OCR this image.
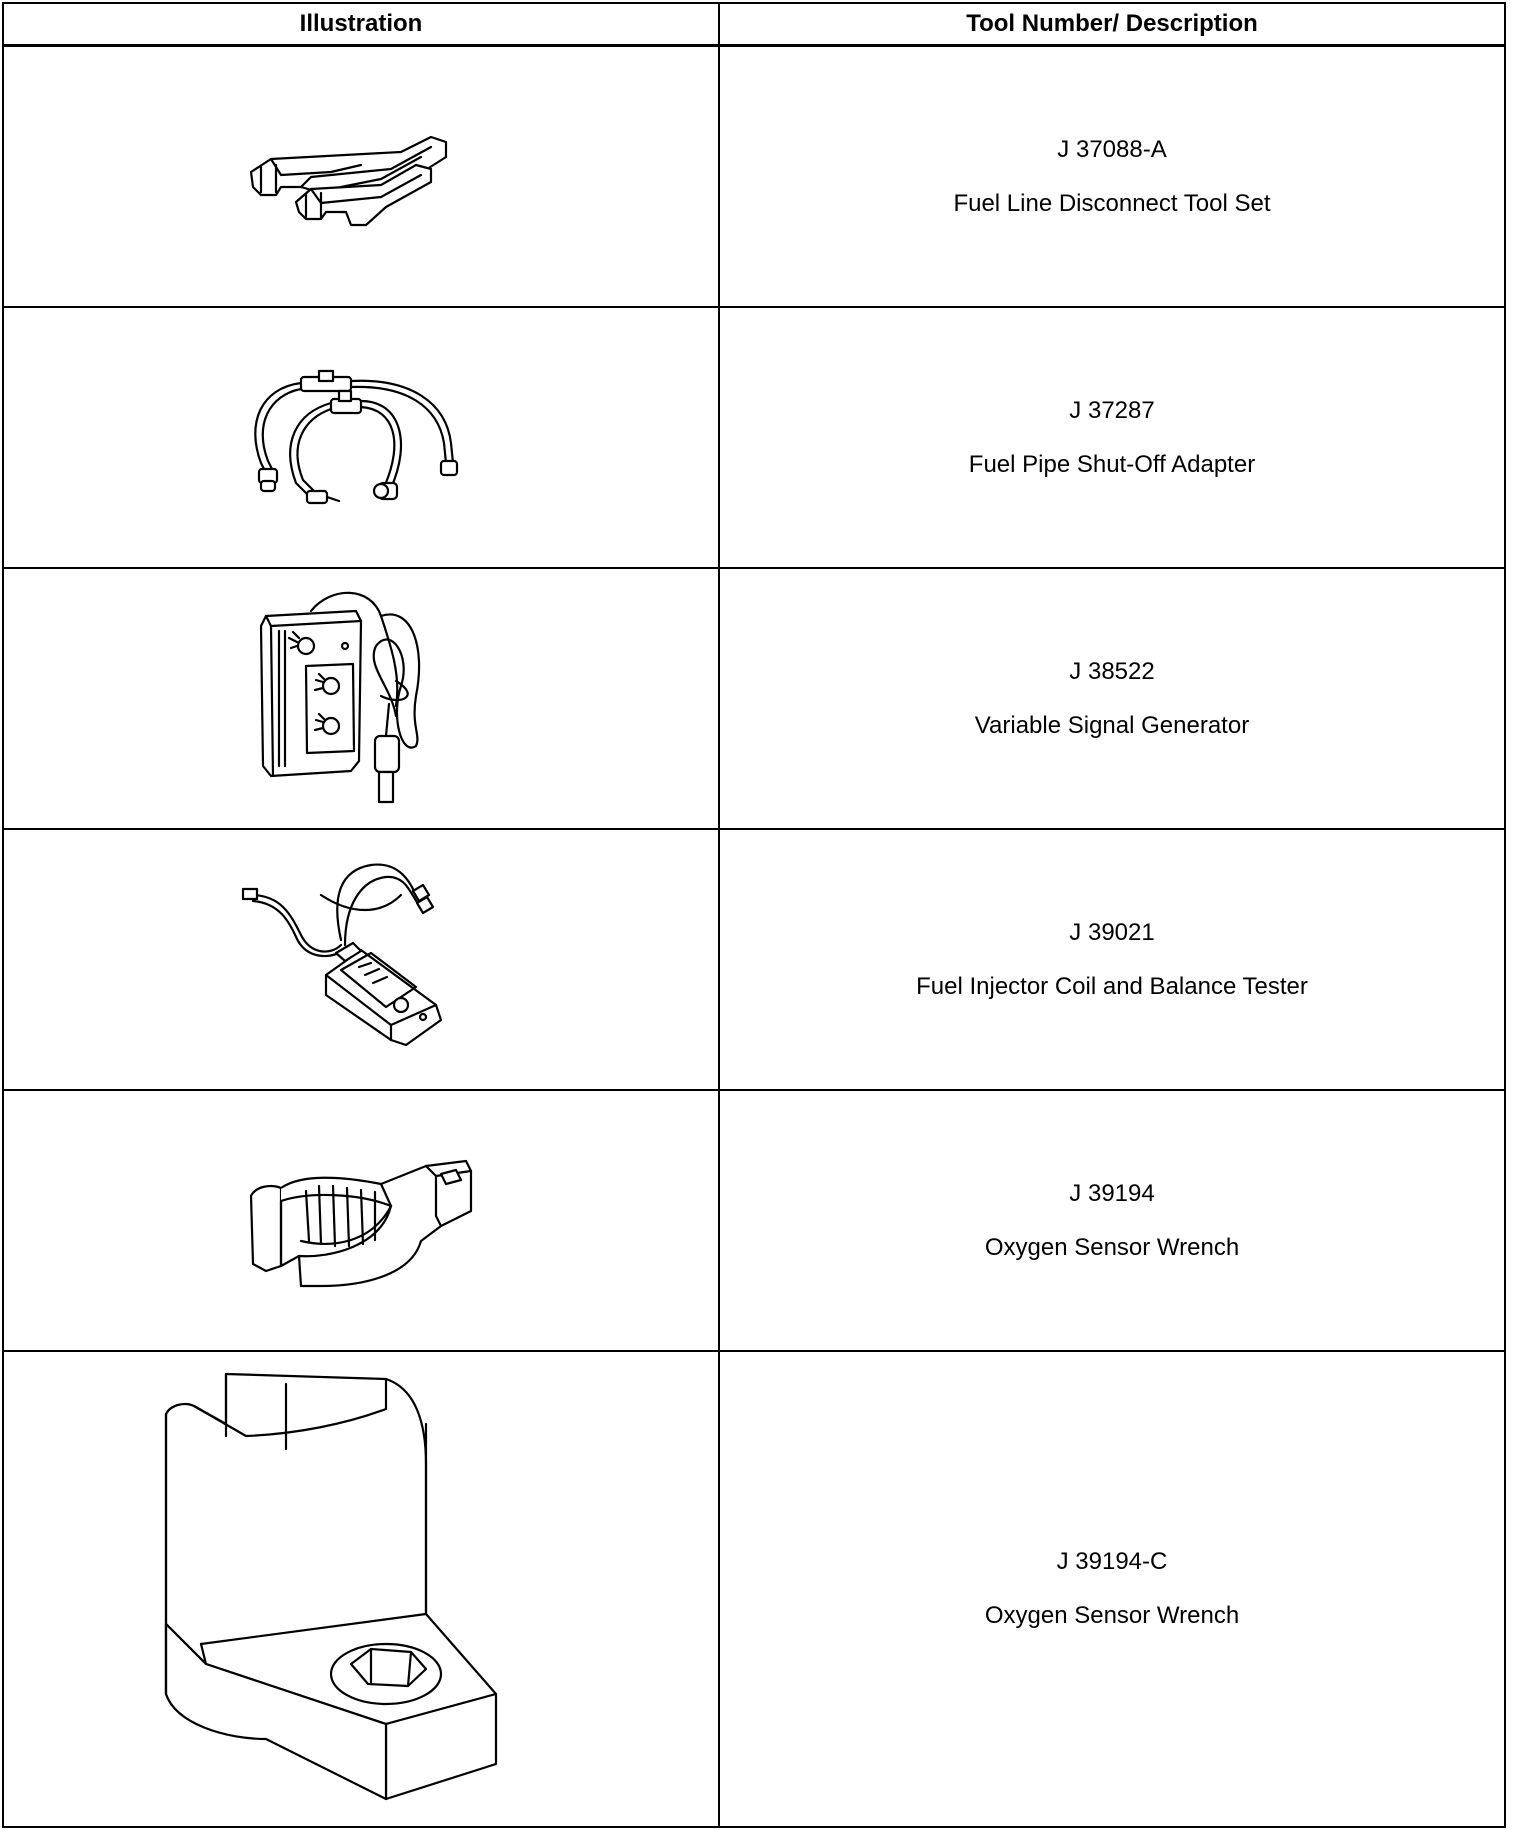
Illustration	Tool Number/ Description

J 37088-A
Fuel Line Disconnect Tool Set

J 37287
Fuel Pipe Shut-Off Adapter

J 38522
Variable Signal Generator

J 39021
Fuel Injector Coil and Balance Tester

J 39194
Oxygen Sensor Wrench

J 39194-C
Oxygen Sensor Wrench
